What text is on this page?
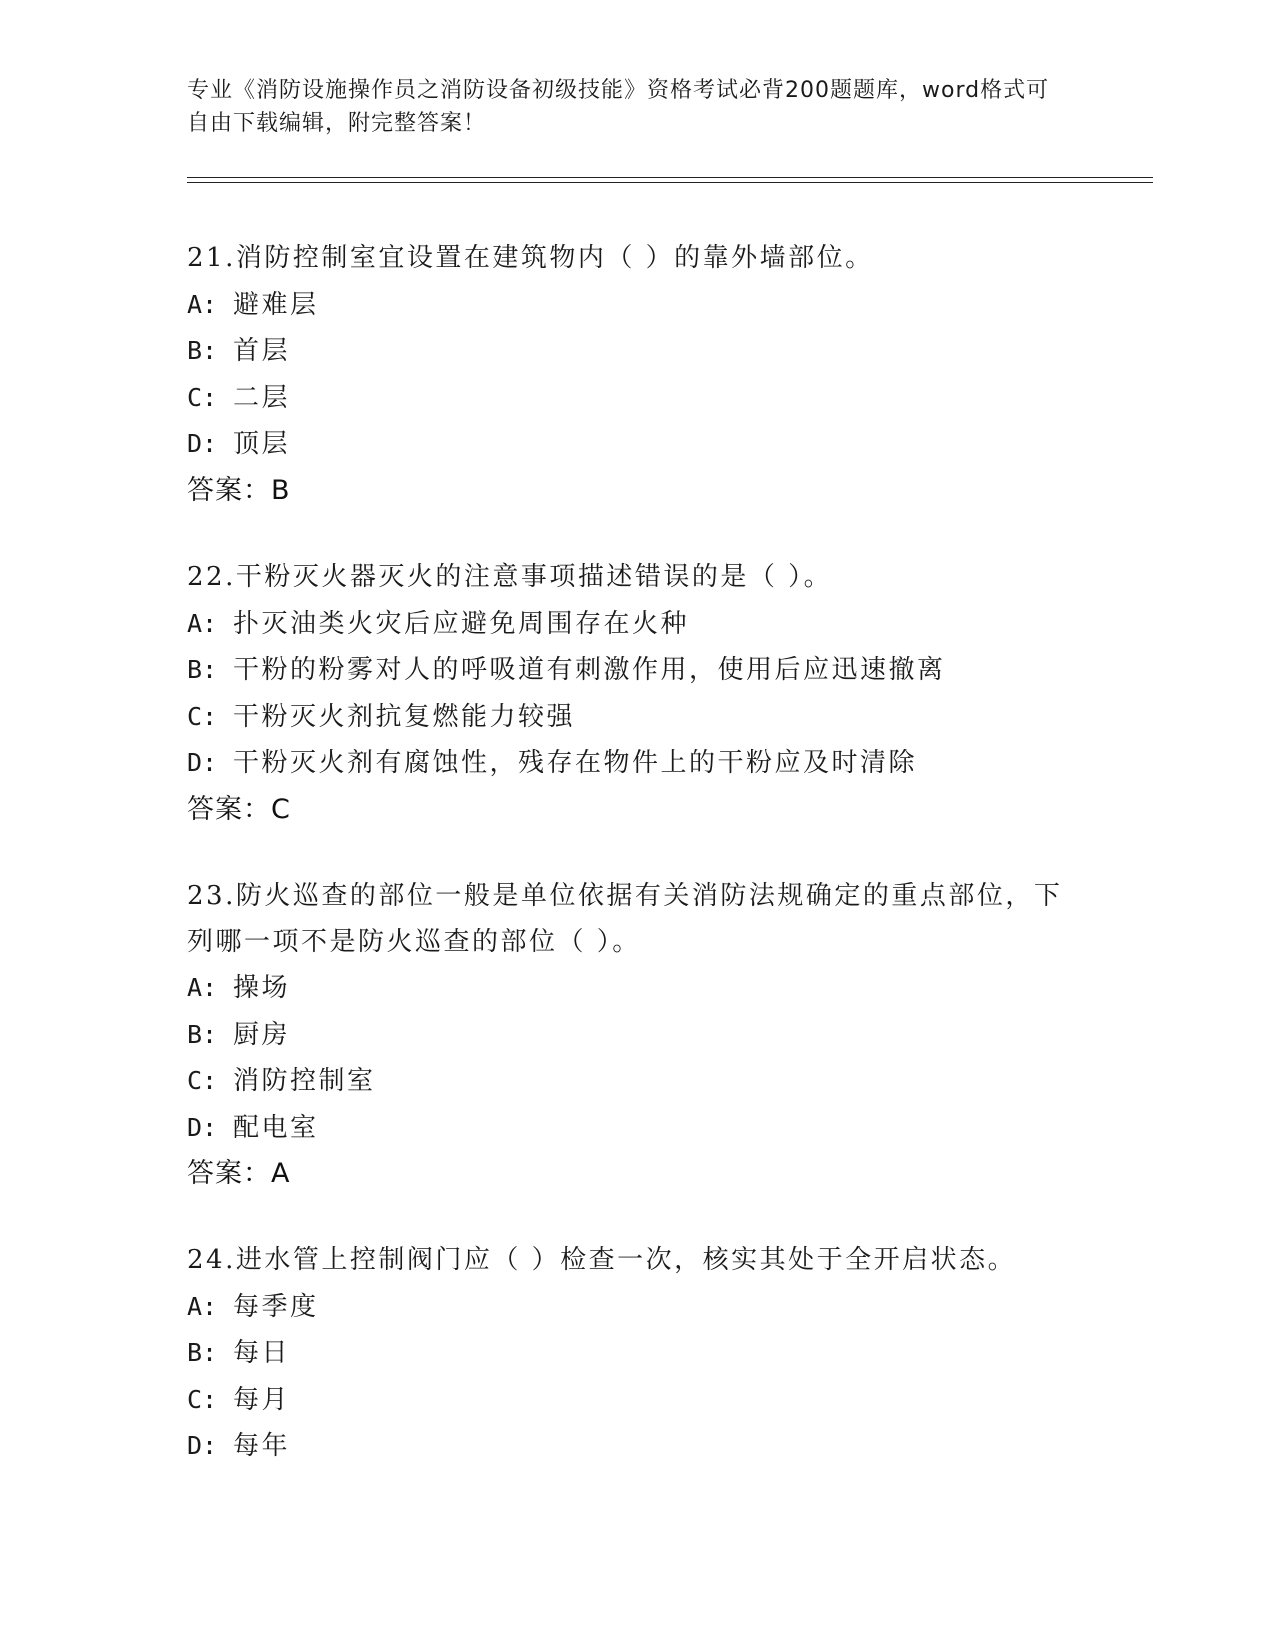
专业《消防设施操作员之消防设备初级技能》资格考试必背200题题库，word格式可自由下载编辑，附完整答案！
21.消防控制室宜设置在建筑物内（ ）的靠外墙部位。
A: 避难层
B: 首层
C: 二层
D: 顶层
答案：B
22.干粉灭火器灭火的注意事项描述错误的是（ ）。
A: 扑灭油类火灾后应避免周围存在火种
B: 干粉的粉雾对人的呼吸道有刺激作用，使用后应迅速撤离
C: 干粉灭火剂抗复燃能力较强
D: 干粉灭火剂有腐蚀性，残存在物件上的干粉应及时清除
答案：C
23.防火巡查的部位一般是单位依据有关消防法规确定的重点部位，下列哪一项不是防火巡查的部位（ ）。
A: 操场
B: 厨房
C: 消防控制室
D: 配电室
答案：A
24.进水管上控制阀门应（ ）检查一次，核实其处于全开启状态。
A: 每季度
B: 每日
C: 每月
D: 每年
